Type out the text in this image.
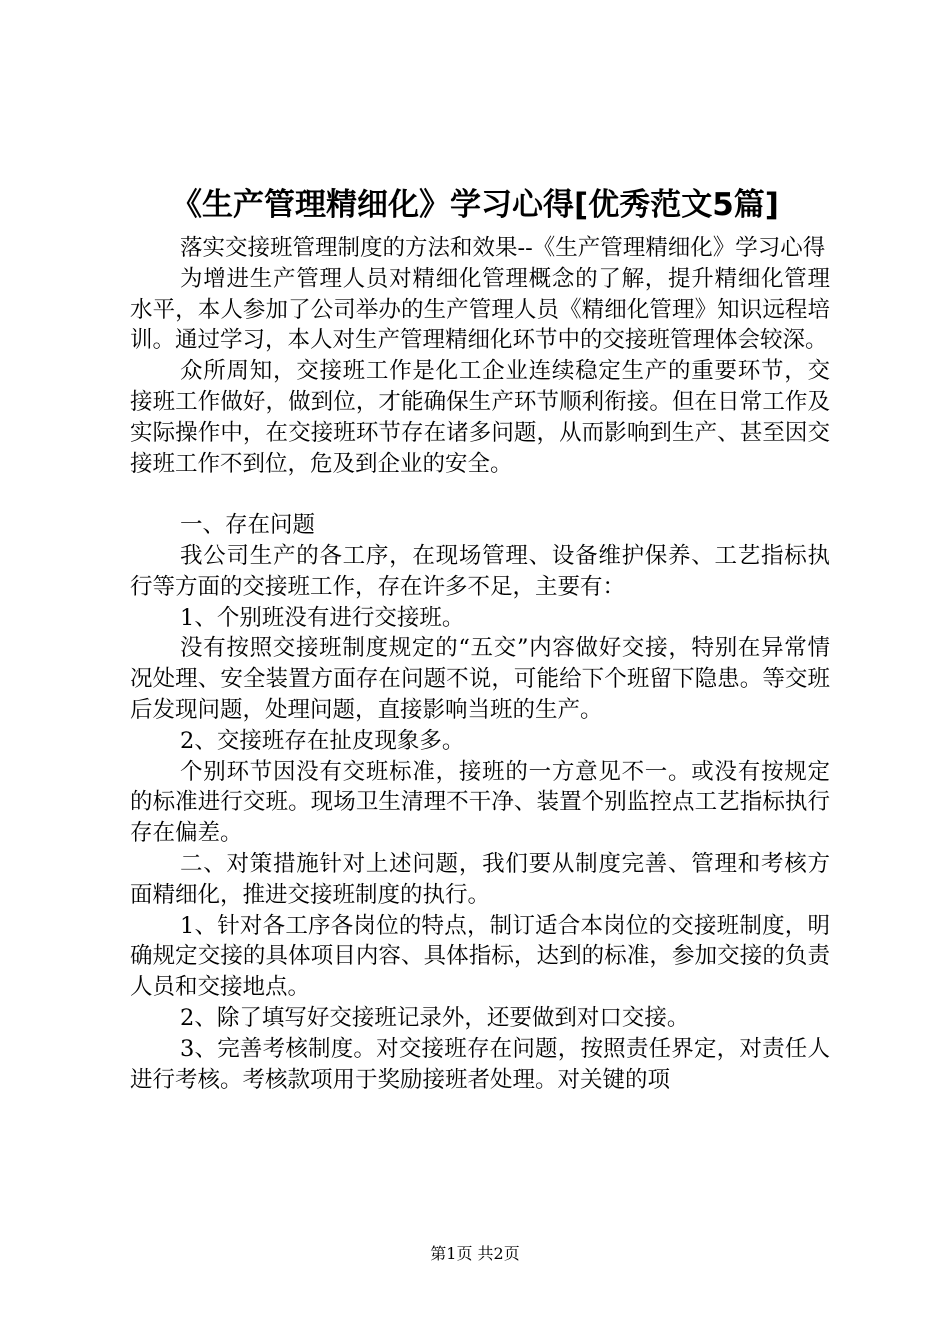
《生产管理精细化》学习心得[优秀范文5篇]

落实交接班管理制度的方法和效果--《生产管理精细化》学习心得

为增进生产管理人员对精细化管理概念的了解，提升精细化管理水平，本人参加了公司举办的生产管理人员《精细化管理》知识远程培训。通过学习，本人对生产管理精细化环节中的交接班管理体会较深。

众所周知，交接班工作是化工企业连续稳定生产的重要环节，交接班工作做好，做到位，才能确保生产环节顺利衔接。但在日常工作及实际操作中，在交接班环节存在诸多问题，从而影响到生产、甚至因交接班工作不到位，危及到企业的安全。

一、存在问题

我公司生产的各工序，在现场管理、设备维护保养、工艺指标执行等方面的交接班工作，存在许多不足，主要有：

1、个别班没有进行交接班。

没有按照交接班制度规定的“五交”内容做好交接，特别在异常情况处理、安全装置方面存在问题不说，可能给下个班留下隐患。等交班后发现问题，处理问题，直接影响当班的生产。

2、交接班存在扯皮现象多。

个别环节因没有交班标准，接班的一方意见不一。或没有按规定的标准进行交班。现场卫生清理不干净、装置个别监控点工艺指标执行存在偏差。

二、对策措施针对上述问题，我们要从制度完善、管理和考核方面精细化，推进交接班制度的执行。

1、针对各工序各岗位的特点，制订适合本岗位的交接班制度，明确规定交接的具体项目内容、具体指标，达到的标准，参加交接的负责人员和交接地点。

2、除了填写好交接班记录外，还要做到对口交接。

3、完善考核制度。对交接班存在问题，按照责任界定，对责任人进行考核。考核款项用于奖励接班者处理。对关键的项

第1页 共2页
